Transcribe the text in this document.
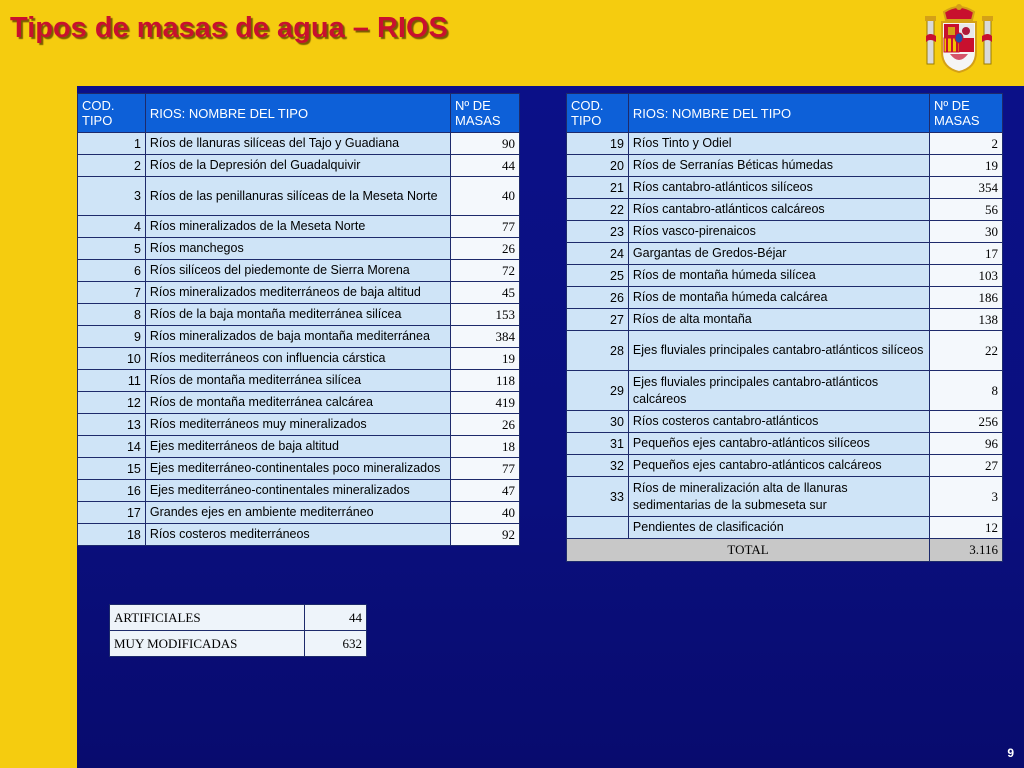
Tipos de masas de agua – RIOS
COD. TIPO	RIOS: NOMBRE DEL TIPO	Nº DE MASAS
1	Ríos de llanuras silíceas del Tajo y Guadiana	90
2	Ríos de la Depresión del Guadalquivir	44
3	Ríos de las penillanuras silíceas de la Meseta Norte	40
4	Ríos mineralizados de la Meseta Norte	77
5	Ríos manchegos	26
6	Ríos silíceos del piedemonte de Sierra Morena	72
7	Ríos mineralizados mediterráneos de baja altitud	45
8	Ríos de la baja montaña mediterránea silícea	153
9	Ríos mineralizados de baja montaña mediterránea	384
10	Ríos mediterráneos con influencia cárstica	19
11	Ríos de montaña mediterránea silícea	118
12	Ríos de montaña mediterránea calcárea	419
13	Ríos mediterráneos muy mineralizados	26
14	Ejes mediterráneos de baja altitud	18
15	Ejes mediterráneo-continentales poco mineralizados	77
16	Ejes mediterráneo-continentales mineralizados	47
17	Grandes ejes en ambiente mediterráneo	40
18	Ríos costeros mediterráneos	92
COD. TIPO	RIOS: NOMBRE DEL TIPO	Nº DE MASAS
19	Ríos Tinto y Odiel	2
20	Ríos de Serranías Béticas húmedas	19
21	Ríos cantabro-atlánticos silíceos	354
22	Ríos cantabro-atlánticos calcáreos	56
23	Ríos vasco-pirenaicos	30
24	Gargantas de Gredos-Béjar	17
25	Ríos de montaña húmeda silícea	103
26	Ríos de montaña húmeda calcárea	186
27	Ríos de alta montaña	138
28	Ejes fluviales principales cantabro-atlánticos silíceos	22
29	Ejes fluviales principales cantabro-atlánticos calcáreos	8
30	Ríos costeros cantabro-atlánticos	256
31	Pequeños ejes cantabro-atlánticos silíceos	96
32	Pequeños ejes cantabro-atlánticos calcáreos	27
33	Ríos de mineralización alta de llanuras sedimentarias de la submeseta sur	3
	Pendientes de clasificación	12
TOTAL		3.116
ARTIFICIALES	44
MUY MODIFICADAS	632
9
